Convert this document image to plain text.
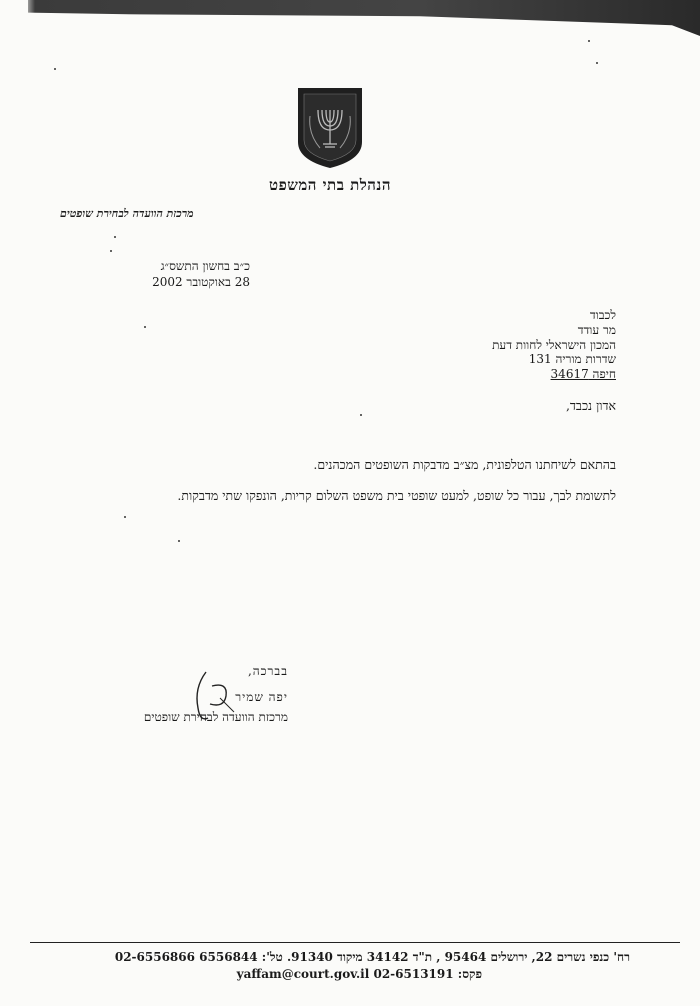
הנהלת בתי המשפט
מרכזת הוועדה לבחירת שופטים
כ״ב בחשון התשס״ג
28 באוקטובר 2002
לכבוד
מר עודד
המכון הישראלי לחוות דעת
שדרות מוריה 131
חיפה 34617
אדון נכבד,
בהתאם לשיחתנו הטלפונית, מצ״ב מדבקות השופטים המכהנים.
לתשומת לבך, עבור כל שופט, למעט שופטי בית משפט השלום קריות, הונפקו שתי מדבקות.
בברכה,
יפה שמיר
מרכזת הוועדה לבחירת שופטים
רח' כנפי נשרים 22, ירושלים 95464 , ת"ד 34142 מיקוד 91340. טל': 6556844 02-6556866
פקס: 02-6513191 yaffam@court.gov.il
